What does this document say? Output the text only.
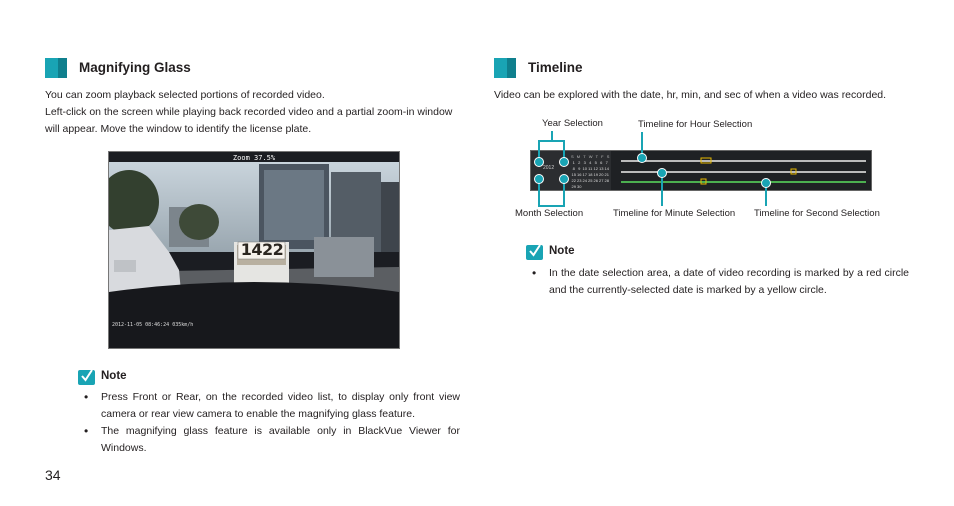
Magnifying Glass
You can zoom playback selected portions of recorded video.
Left-click on the screen while playing back recorded video and a partial zoom-in window will appear. Move the window to identify the license plate.
Zoom 37.5%
1422
2012-11-05 08:46:24 035km/h
Note
• Press Front or Rear, on the recorded video list, to display only front view camera or rear view camera to enable the magnifying glass feature.
• The magnifying glass feature is available only in BlackVue Viewer for Windows.
34
Timeline
Video can be explored with the date, hr, min, and sec of when a video was recorded.
2012
S M T W T F S
1 2 3 4 5 6 78 9 101112131415161718192021222324252627282930
Year Selection	Timeline for Hour Selection
Month Selection	Timeline for Minute Selection Timeline for Second Selection
Note
• In the date selection area, a date of video recording is marked by a red circle and the currently-selected date is marked by a yellow circle.
